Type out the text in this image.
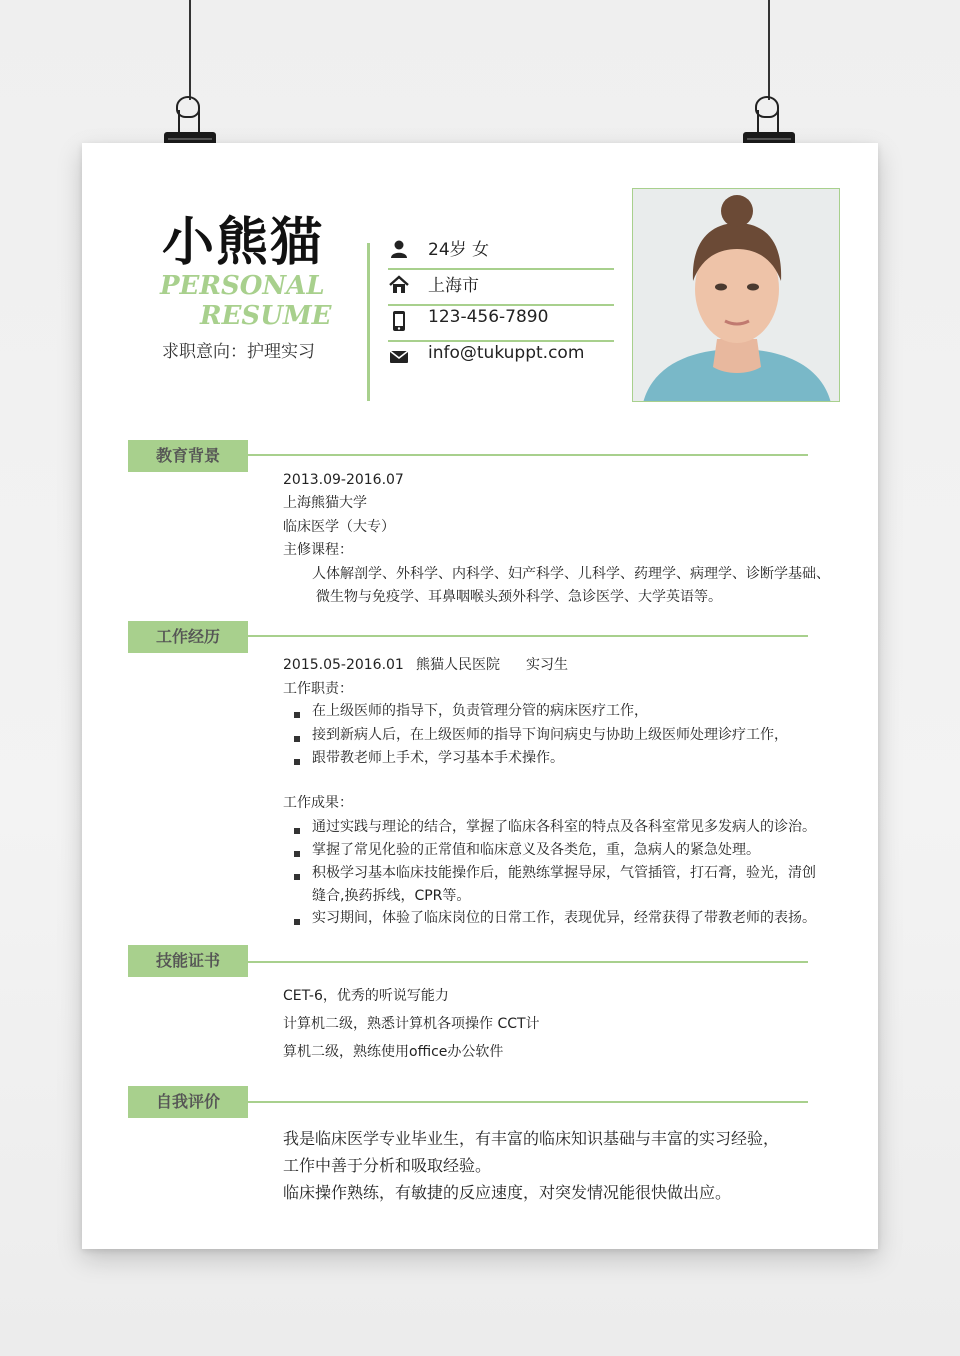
小熊猫
PERSONAL
RESUME
求职意向：护理实习
24岁 女
上海市
123-456-7890
info@tukuppt.com
教育背景
2013.09-2016.07
上海熊猫大学
临床医学（大专）
主修课程：
人体解剖学、外科学、内科学、妇产科学、儿科学、药理学、病理学、诊断学基础、
微生物与免疫学、耳鼻咽喉头颈外科学、急诊医学、大学英语等。
工作经历
2015.05-2016.01 熊猫人民医院 实习生
工作职责：
在上级医师的指导下，负责管理分管的病床医疗工作，
接到新病人后，在上级医师的指导下询问病史与协助上级医师处理诊疗工作，
跟带教老师上手术，学习基本手术操作。
工作成果：
通过实践与理论的结合，掌握了临床各科室的特点及各科室常见多发病人的诊治。
掌握了常见化验的正常值和临床意义及各类危，重，急病人的紧急处理。
积极学习基本临床技能操作后，能熟练掌握导尿，气管插管，打石膏，验光，清创
缝合,换药拆线，CPR等。
实习期间，体验了临床岗位的日常工作，表现优异，经常获得了带教老师的表扬。
技能证书
CET-6，优秀的听说写能力
计算机二级，熟悉计算机各项操作 CCT计
算机二级，熟练使用office办公软件
自我评价
我是临床医学专业毕业生，有丰富的临床知识基础与丰富的实习经验，
工作中善于分析和吸取经验。
临床操作熟练，有敏捷的反应速度，对突发情况能很快做出应。
